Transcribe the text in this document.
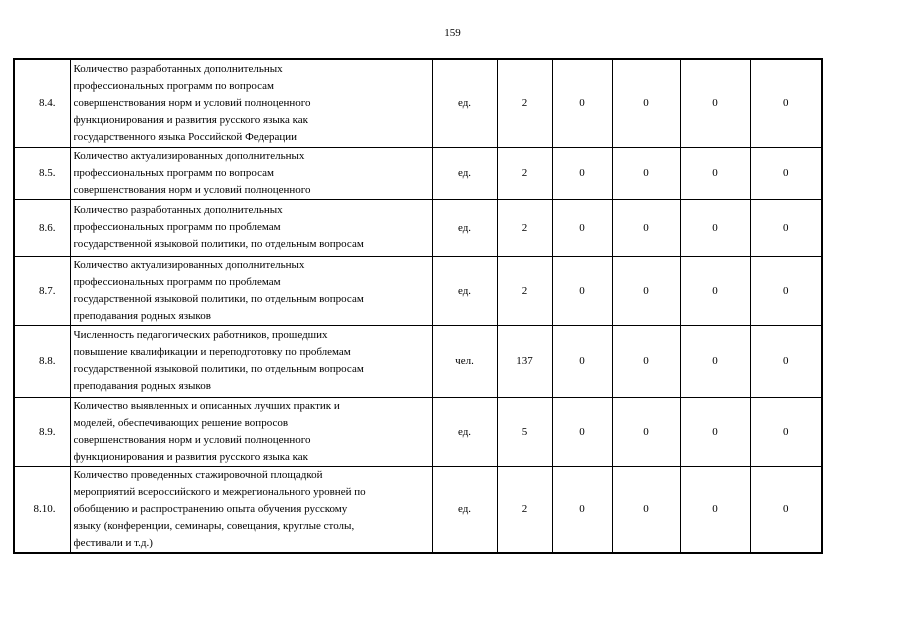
159
8.4.	Количество разработанных дополнительных
профессиональных программ по вопросам
совершенствования норм и условий полноценного
функционирования и развития русского языка как
государственного языка Российской Федерации	ед.	2	0	0	0	0
8.5.	Количество актуализированных дополнительных
профессиональных программ по вопросам
совершенствования норм и условий полноценного	ед.	2	0	0	0	0
8.6.	Количество разработанных дополнительных
профессиональных программ по проблемам
государственной языковой политики, по отдельным вопросам	ед.	2	0	0	0	0
8.7.	Количество актуализированных дополнительных
профессиональных программ по проблемам
государственной языковой политики, по отдельным вопросам
преподавания родных языков	ед.	2	0	0	0	0
8.8.	Численность педагогических работников, прошедших
повышение квалификации и переподготовку по проблемам
государственной языковой политики, по отдельным вопросам
преподавания родных языков	чел.	137	0	0	0	0
8.9.	Количество выявленных и описанных лучших практик и
моделей, обеспечивающих решение вопросов
совершенствования норм и условий полноценного
функционирования и развития русского языка как	ед.	5	0	0	0	0
8.10.	Количество проведенных стажировочной площадкой
мероприятий всероссийского и межрегионального уровней по
обобщению и распространению опыта обучения русскому
языку (конференции, семинары, совещания, круглые столы,
фестивали и т.д.)	ед.	2	0	0	0	0
